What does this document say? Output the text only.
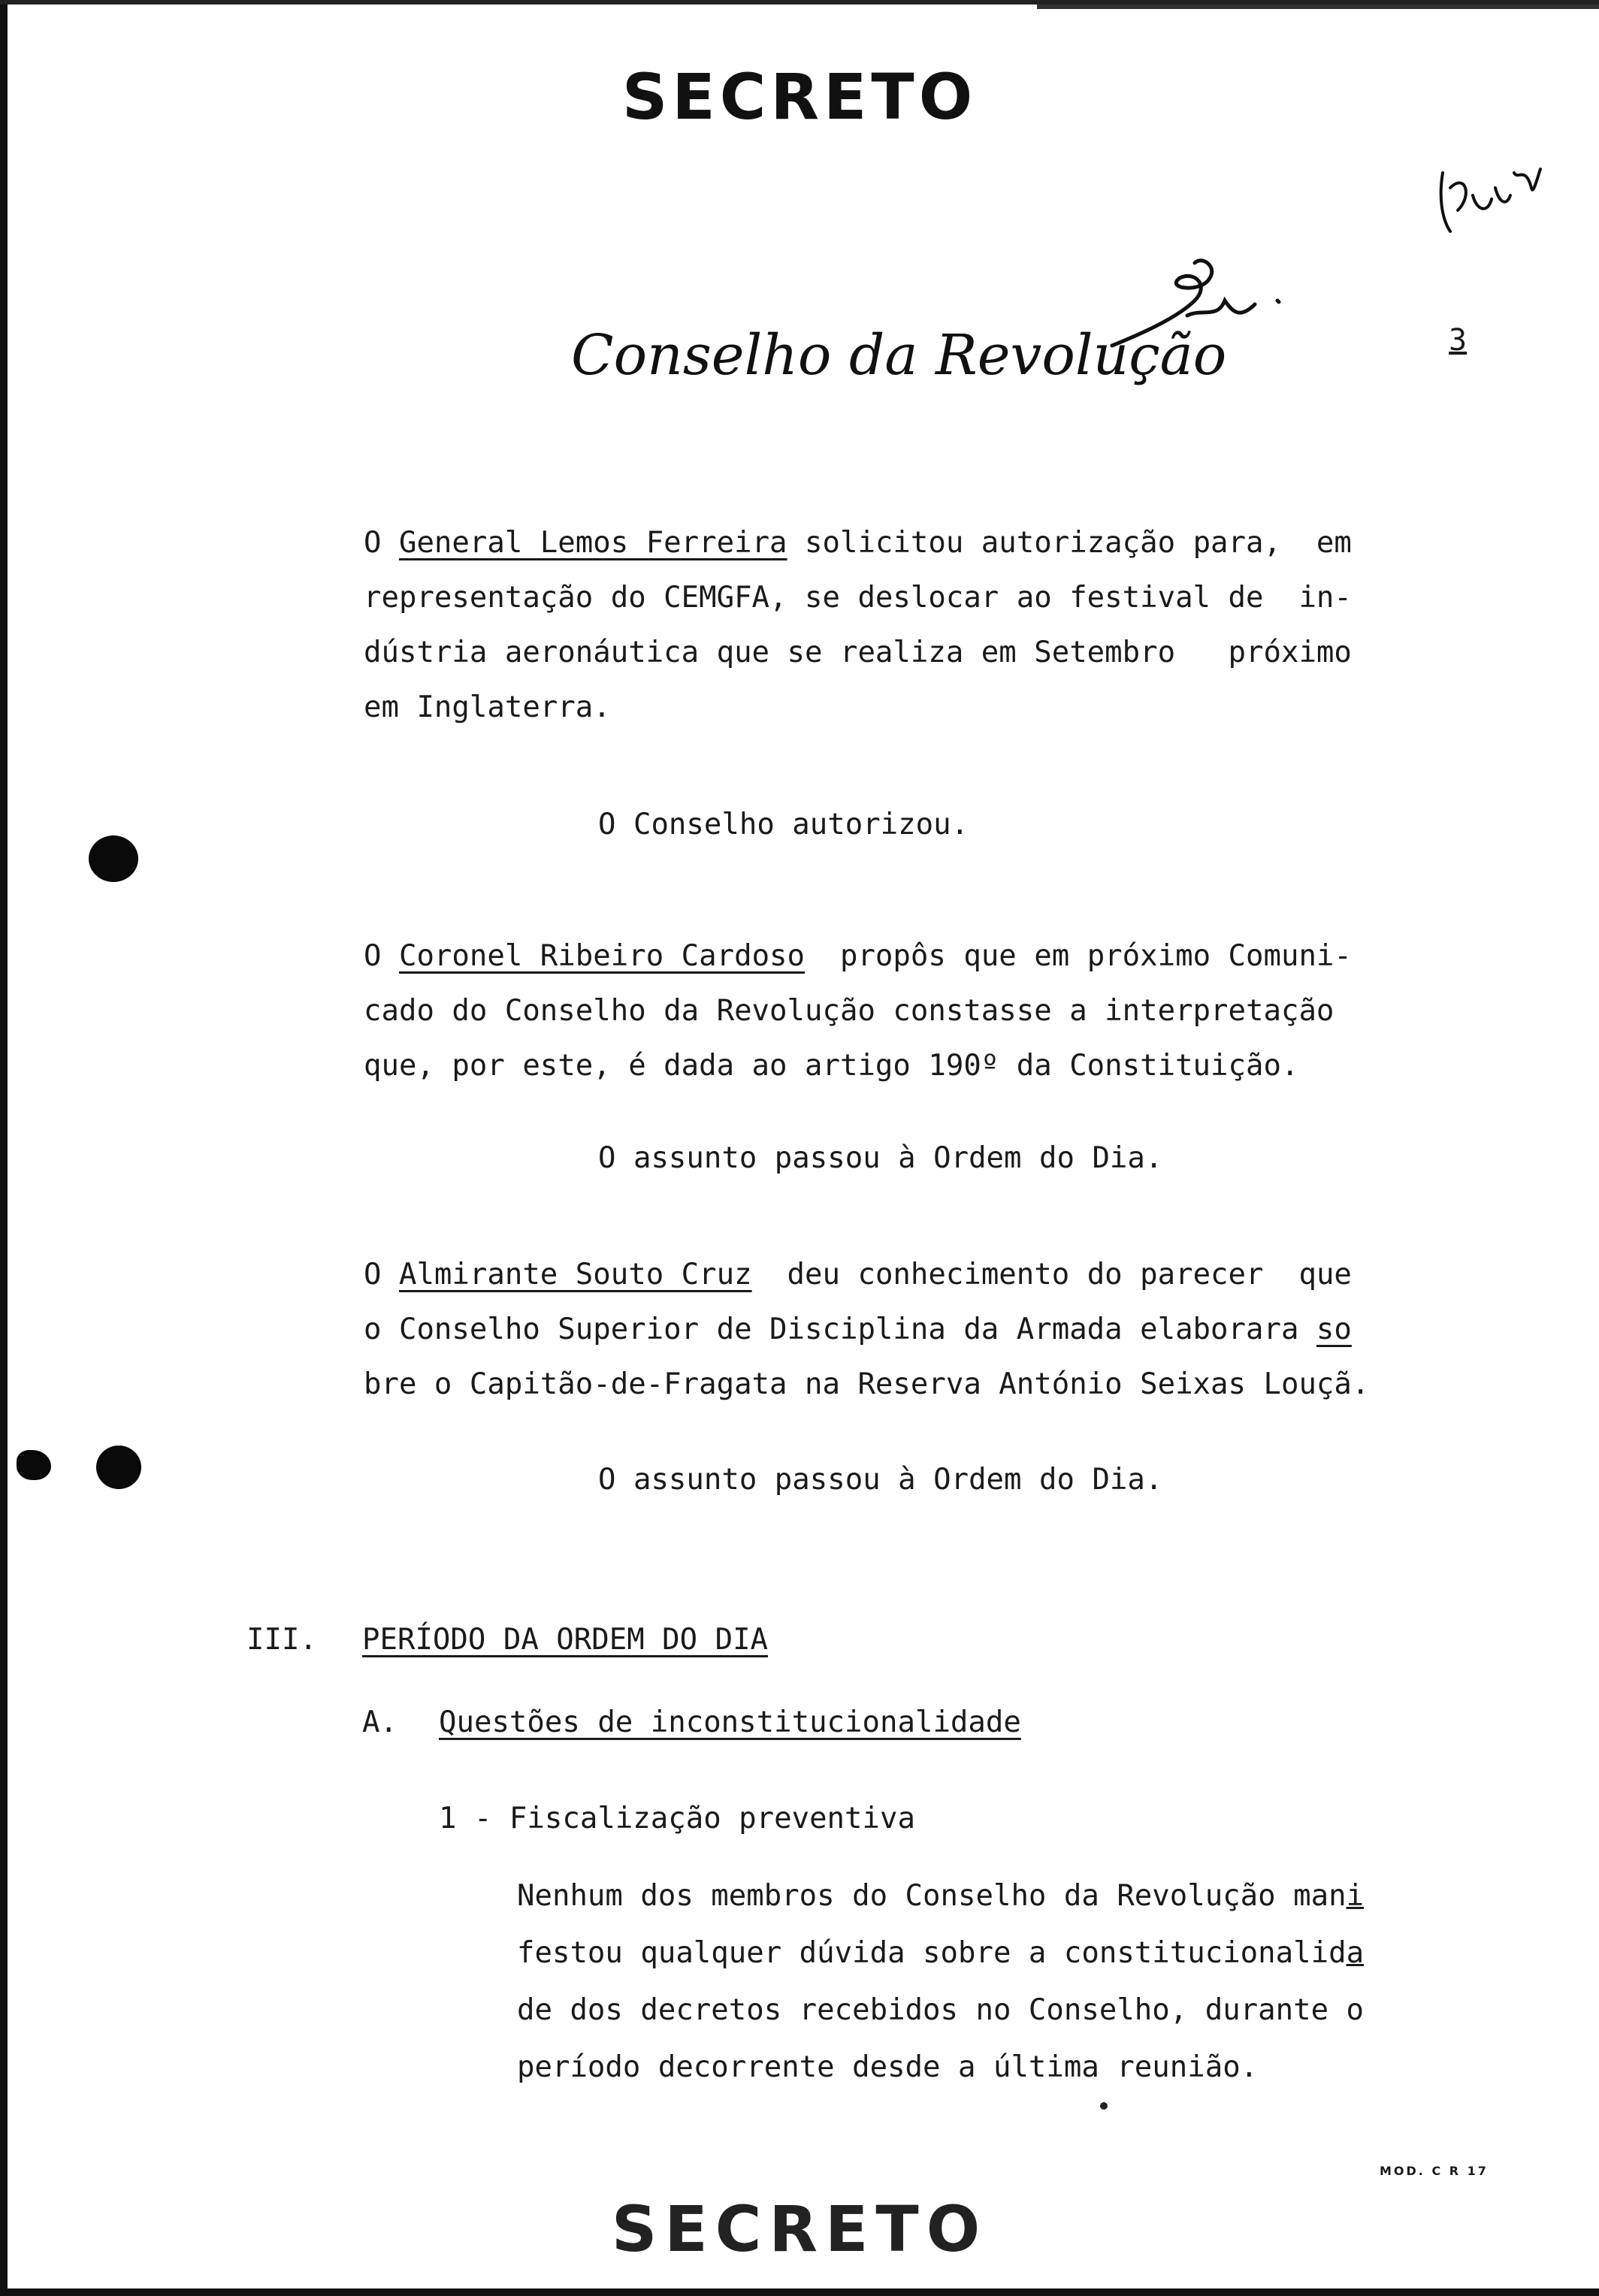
SECRETO
Conselho da Revolução	3
O General Lemos Ferreira solicitou autorização para,  em
representação do CEMGFA, se deslocar ao festival de  in-
dústria aeronáutica que se realiza em Setembro   próximo
em Inglaterra.
O Conselho autorizou.
O Coronel Ribeiro Cardoso  propôs que em próximo Comuni-
cado do Conselho da Revolução constasse a interpretação
que, por este, é dada ao artigo 190º da Constituição.
O assunto passou à Ordem do Dia.
O Almirante Souto Cruz  deu conhecimento do parecer  que
o Conselho Superior de Disciplina da Armada elaborara so
bre o Capitão-de-Fragata na Reserva António Seixas Louçã.
O assunto passou à Ordem do Dia.
III. PERÍODO DA ORDEM DO DIA
A. Questões de inconstitucionalidade
1 - Fiscalização preventiva
Nenhum dos membros do Conselho da Revolução mani
festou qualquer dúvida sobre a constitucionalida
de dos decretos recebidos no Conselho, durante o
período decorrente desde a última reunião.
MOD. C R 17
SECRETO
